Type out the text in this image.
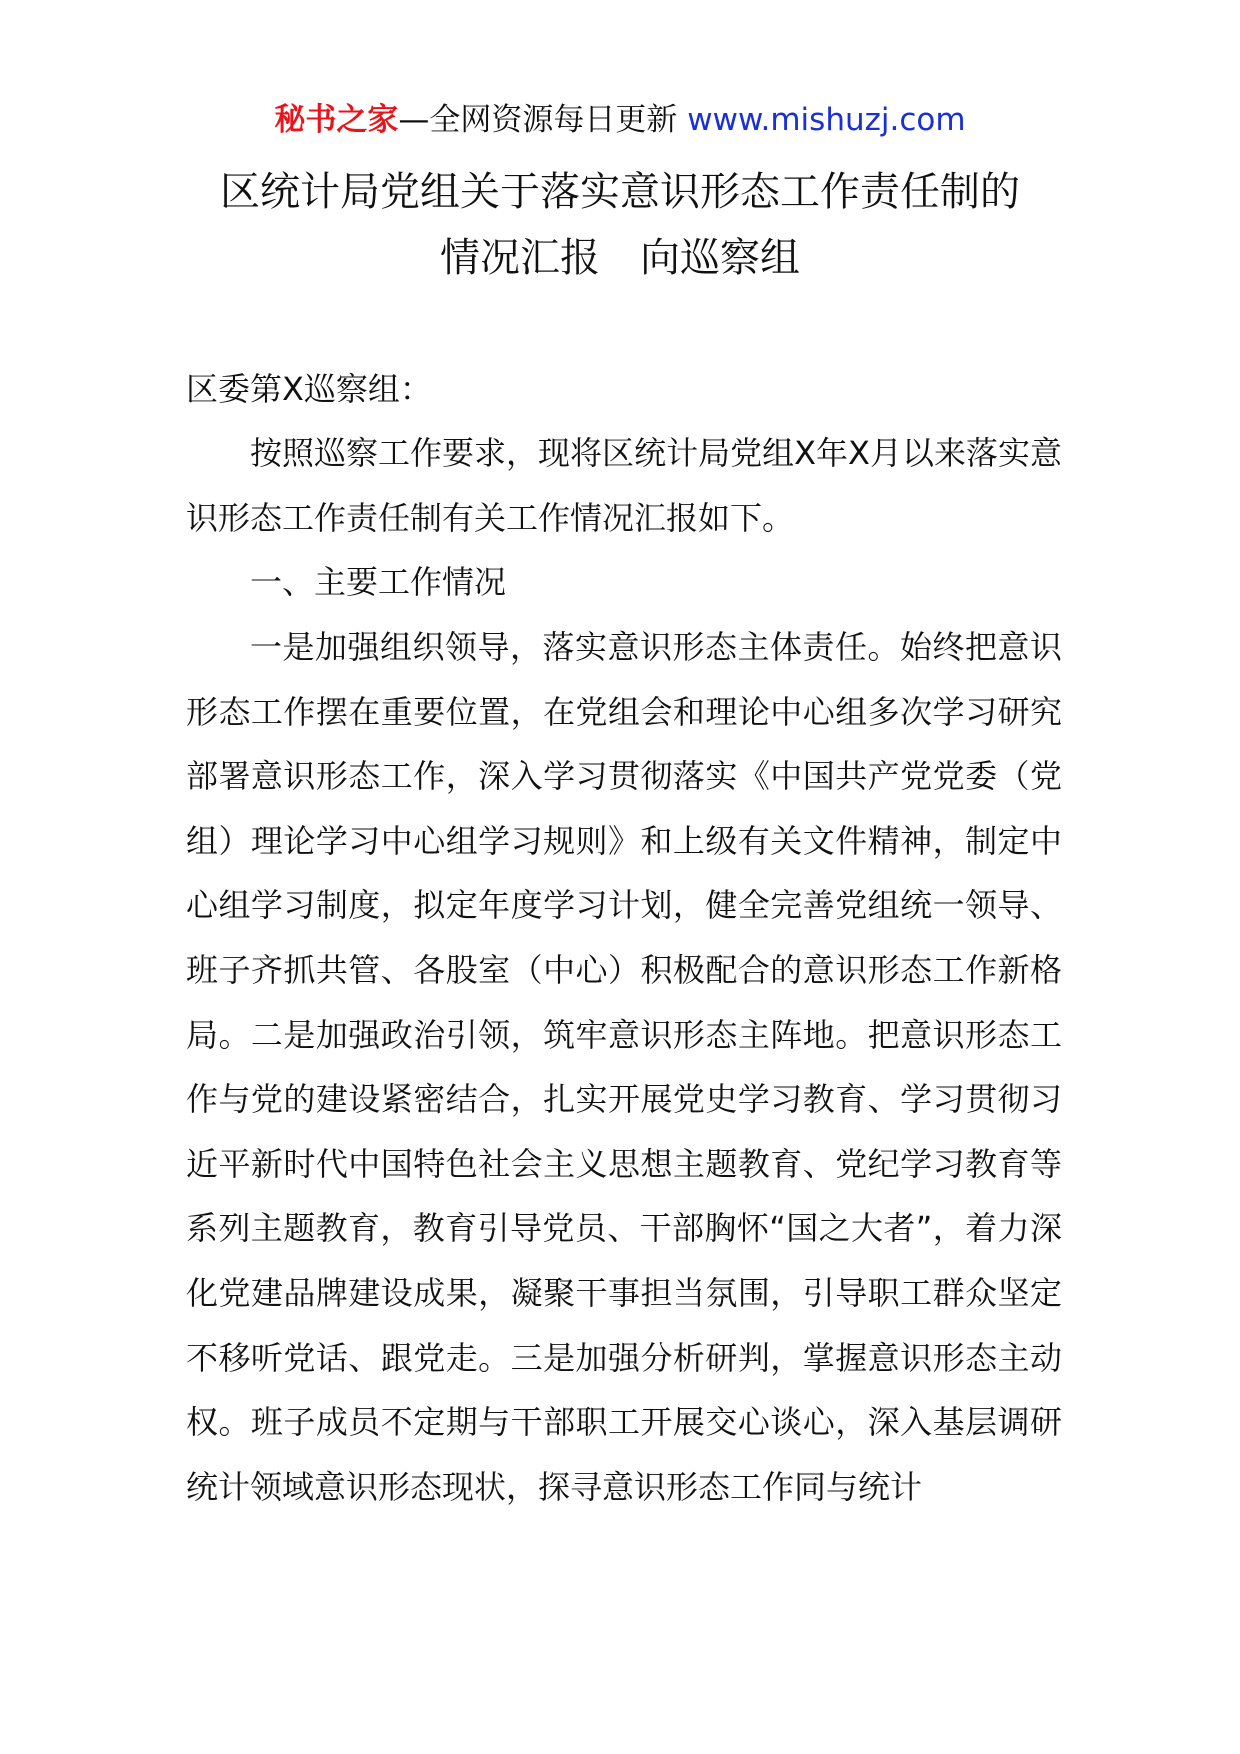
秘书之家—全网资源每日更新 www.mishuzj.com
区统计局党组关于落实意识形态工作责任制的
情况汇报 向巡察组

区委第X巡察组：

按照巡察工作要求，现将区统计局党组X年X月以来落实意识形态工作责任制有关工作情况汇报如下。

一、主要工作情况

一是加强组织领导，落实意识形态主体责任。始终把意识形态工作摆在重要位置，在党组会和理论中心组多次学习研究部署意识形态工作，深入学习贯彻落实《中国共产党党委（党组）理论学习中心组学习规则》和上级有关文件精神，制定中心组学习制度，拟定年度学习计划，健全完善党组统一领导、班子齐抓共管、各股室（中心）积极配合的意识形态工作新格局。二是加强政治引领，筑牢意识形态主阵地。把意识形态工作与党的建设紧密结合，扎实开展党史学习教育、学习贯彻习近平新时代中国特色社会主义思想主题教育、党纪学习教育等系列主题教育，教育引导党员、干部胸怀“国之大者”，着力深化党建品牌建设成果，凝聚干事担当氛围，引导职工群众坚定不移听党话、跟党走。三是加强分析研判，掌握意识形态主动权。班子成员不定期与干部职工开展交心谈心，深入基层调研统计领域意识形态现状，探寻意识形态工作同与统计
